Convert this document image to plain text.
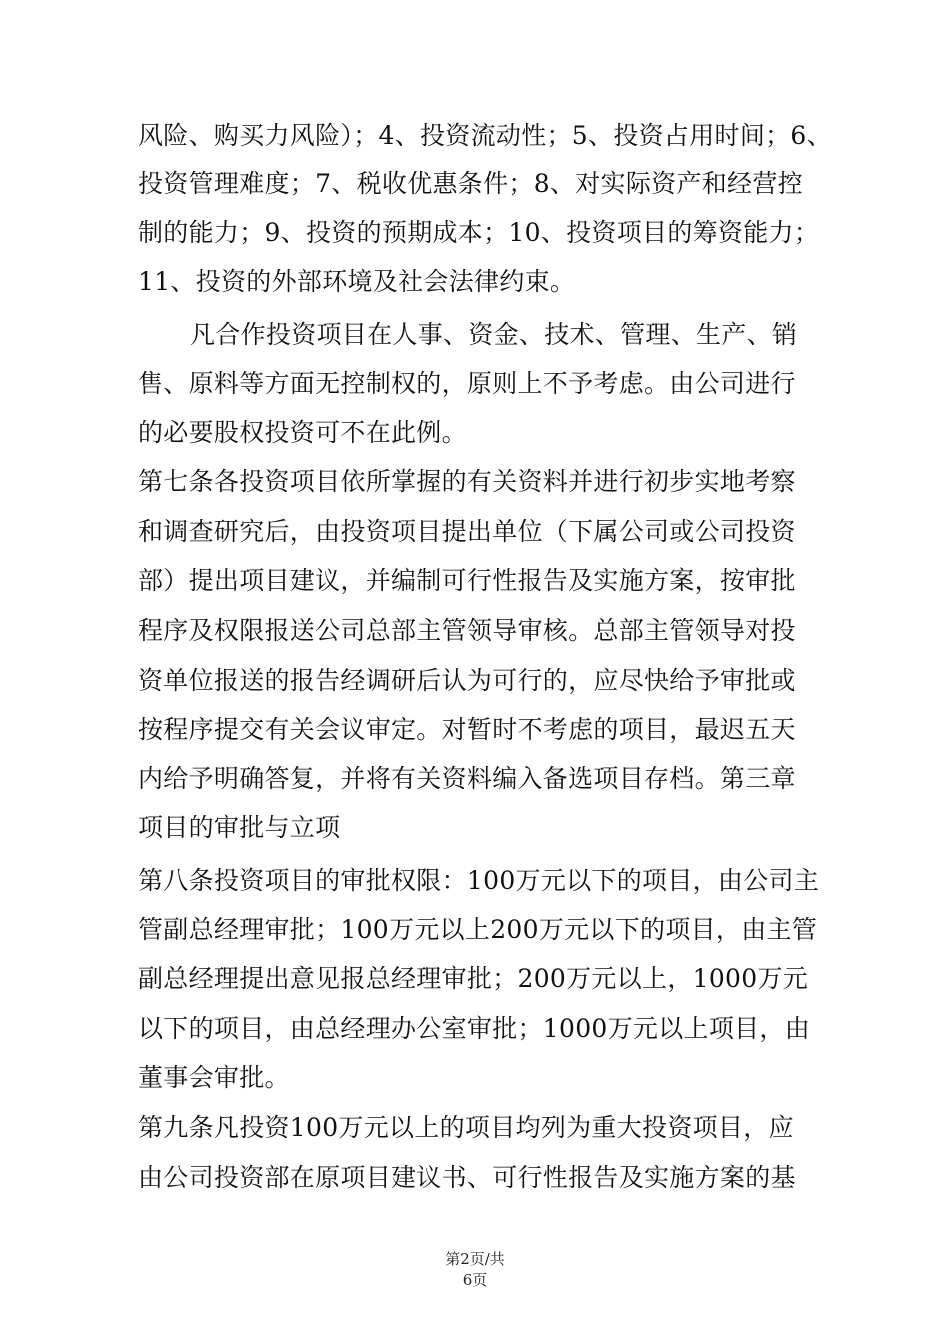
风险、购买力风险）；4、投资流动性；5、投资占用时间；6、
投资管理难度；7、税收优惠条件；8、对实际资产和经营控
制的能力；9、投资的预期成本；10、投资项目的筹资能力；
11、投资的外部环境及社会法律约束。
凡合作投资项目在人事、资金、技术、管理、生产、销
售、原料等方面无控制权的，原则上不予考虑。由公司进行
的必要股权投资可不在此例。
第七条各投资项目依所掌握的有关资料并进行初步实地考察
和调查研究后，由投资项目提出单位（下属公司或公司投资
部）提出项目建议，并编制可行性报告及实施方案，按审批
程序及权限报送公司总部主管领导审核。总部主管领导对投
资单位报送的报告经调研后认为可行的，应尽快给予审批或
按程序提交有关会议审定。对暂时不考虑的项目，最迟五天
内给予明确答复，并将有关资料编入备选项目存档。第三章
项目的审批与立项
第八条投资项目的审批权限：100万元以下的项目，由公司主
管副总经理审批；100万元以上200万元以下的项目，由主管
副总经理提出意见报总经理审批；200万元以上，1000万元
以下的项目，由总经理办公室审批；1000万元以上项目，由
董事会审批。
第九条凡投资100万元以上的项目均列为重大投资项目，应
由公司投资部在原项目建议书、可行性报告及实施方案的基
第2页/共
6页
